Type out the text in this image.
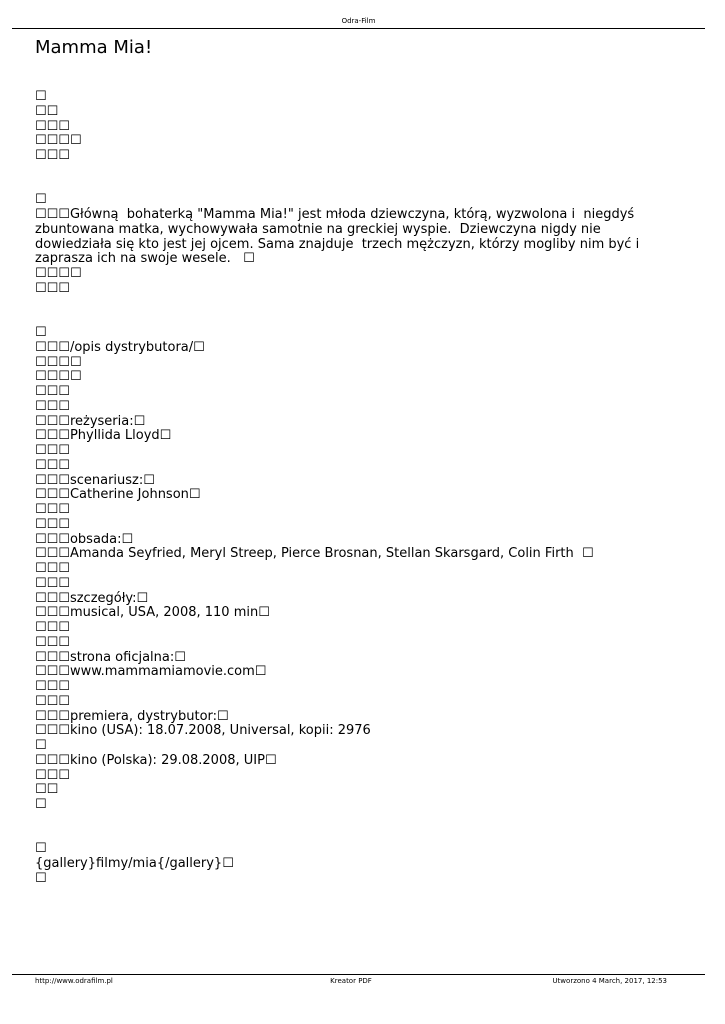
Odra-Film
Mamma Mia!
☐
☐☐
☐☐☐
☐☐☐☐
☐☐☐
☐
☐☐☐Główną  bohaterką "Mamma Mia!" jest młoda dziewczyna, którą, wyzwolona i  niegdyś zbuntowana matka, wychowywała samotnie na greckiej wyspie.  Dziewczyna nigdy nie dowiedziała się kto jest jej ojcem. Sama znajduje  trzech mężczyzn, którzy mogliby nim być i zaprasza ich na swoje wesele.   ☐
☐☐☐☐
☐☐☐
☐
☐☐☐/opis dystrybutora/☐
☐☐☐☐
☐☐☐☐
☐☐☐
☐☐☐
☐☐☐reżyseria:☐
☐☐☐Phyllida Lloyd☐
☐☐☐
☐☐☐
☐☐☐scenariusz:☐
☐☐☐Catherine Johnson☐
☐☐☐
☐☐☐
☐☐☐obsada:☐
☐☐☐Amanda Seyfried, Meryl Streep, Pierce Brosnan, Stellan Skarsgard, Colin Firth  ☐
☐☐☐
☐☐☐
☐☐☐szczegóły:☐
☐☐☐musical, USA, 2008, 110 min☐
☐☐☐
☐☐☐
☐☐☐strona oficjalna:☐
☐☐☐www.mammamiamovie.com☐
☐☐☐
☐☐☐
☐☐☐premiera, dystrybutor:☐
☐☐☐kino (USA): 18.07.2008, Universal, kopii: 2976
☐
☐☐☐kino (Polska): 29.08.2008, UIP☐
☐☐☐
☐☐
☐
☐
{gallery}filmy/mia{/gallery}☐
☐
http://www.odrafilm.pl	Kreator PDF	Utworzono 4 March, 2017, 12:53
